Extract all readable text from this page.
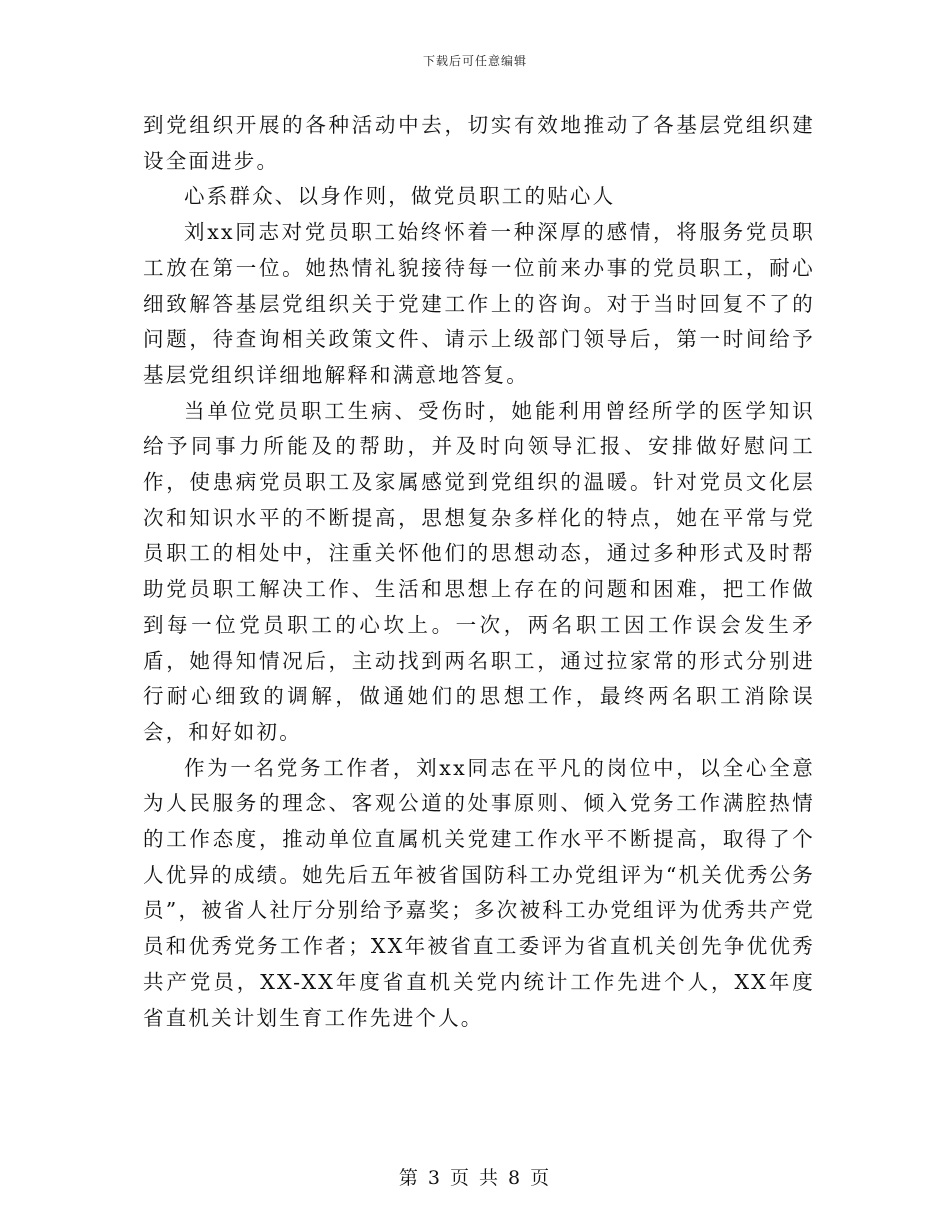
下载后可任意编辑

到党组织开展的各种活动中去，切实有效地推动了各基层党组织建设全面进步。

心系群众、以身作则，做党员职工的贴心人

刘xx同志对党员职工始终怀着一种深厚的感情，将服务党员职工放在第一位。她热情礼貌接待每一位前来办事的党员职工，耐心细致解答基层党组织关于党建工作上的咨询。对于当时回复不了的问题，待查询相关政策文件、请示上级部门领导后，第一时间给予基层党组织详细地解释和满意地答复。

当单位党员职工生病、受伤时，她能利用曾经所学的医学知识给予同事力所能及的帮助，并及时向领导汇报、安排做好慰问工作，使患病党员职工及家属感觉到党组织的温暖。针对党员文化层次和知识水平的不断提高，思想复杂多样化的特点，她在平常与党员职工的相处中，注重关怀他们的思想动态，通过多种形式及时帮助党员职工解决工作、生活和思想上存在的问题和困难，把工作做到每一位党员职工的心坎上。一次，两名职工因工作误会发生矛盾，她得知情况后，主动找到两名职工，通过拉家常的形式分别进行耐心细致的调解，做通她们的思想工作，最终两名职工消除误会，和好如初。

作为一名党务工作者，刘xx同志在平凡的岗位中，以全心全意为人民服务的理念、客观公道的处事原则、倾入党务工作满腔热情的工作态度，推动单位直属机关党建工作水平不断提高，取得了个人优异的成绩。她先后五年被省国防科工办党组评为“机关优秀公务员”，被省人社厅分别给予嘉奖；多次被科工办党组评为优秀共产党员和优秀党务工作者；XX年被省直工委评为省直机关创先争优优秀共产党员，XX-XX年度省直机关党内统计工作先进个人，XX年度省直机关计划生育工作先进个人。

第 3 页 共 8 页
